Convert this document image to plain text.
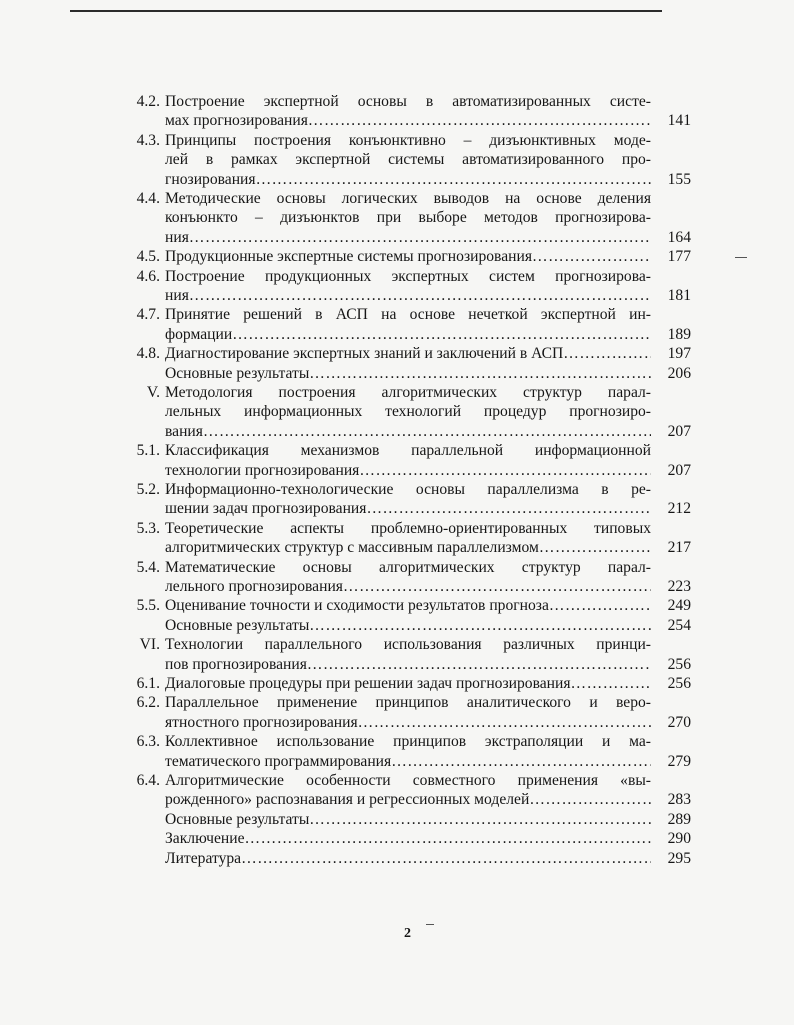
4.2. Построение экспертной основы в автоматизированных систе-
мах прогнозирования ……………………………………………………………………………………………………………………………………………………	141
4.3. Принципы построения конъюнктивно – дизъюнктивных моде-
лей в рамках экспертной системы автоматизированного про-
гнозирования ……………………………………………………………………………………………………………………………………………………	155
4.4. Методические основы логических выводов на основе деления
конъюнкто – дизъюнктов при выборе методов прогнозирова-
ния ……………………………………………………………………………………………………………………………………………………	164
4.5. Продукционные экспертные системы прогнозирования ……………………………………………………………………………………………………………………………………………………	177
4.6. Построение продукционных экспертных систем прогнозирова-
ния ……………………………………………………………………………………………………………………………………………………	181
4.7. Принятие решений в АСП на основе нечеткой экспертной ин-
формации ……………………………………………………………………………………………………………………………………………………	189
4.8. Диагностирование экспертных знаний и заключений в АСП ……………………………………………………………………………………………………………………………………………………	197
Основные результаты ……………………………………………………………………………………………………………………………………………………	206
V. Методология построения алгоритмических структур парал-
лельных информационных технологий процедур прогнозиро-
вания ……………………………………………………………………………………………………………………………………………………	207
5.1. Классификация механизмов параллельной информационной
технологии прогнозирования ……………………………………………………………………………………………………………………………………………………	207
5.2. Информационно-технологические основы параллелизма в ре-
шении задач прогнозирования ……………………………………………………………………………………………………………………………………………………	212
5.3. Теоретические аспекты проблемно-ориентированных типовых
алгоритмических структур с массивным параллелизмом ……………………………………………………………………………………………………………………………………………………	217
5.4. Математические основы алгоритмических структур парал-
лельного прогнозирования ……………………………………………………………………………………………………………………………………………………	223
5.5. Оценивание точности и сходимости результатов прогноза ……………………………………………………………………………………………………………………………………………………	249
Основные результаты ……………………………………………………………………………………………………………………………………………………	254
VI. Технологии параллельного использования различных принци-
пов прогнозирования ……………………………………………………………………………………………………………………………………………………	256
6.1. Диалоговые процедуры при решении задач прогнозирования ……………………………………………………………………………………………………………………………………………………	256
6.2. Параллельное применение принципов аналитического и веро-
ятностного прогнозирования ……………………………………………………………………………………………………………………………………………………	270
6.3. Коллективное использование принципов экстраполяции и ма-
тематического программирования ……………………………………………………………………………………………………………………………………………………	279
6.4. Алгоритмические особенности совместного применения «вы-
рожденного» распознавания и регрессионных моделей ……………………………………………………………………………………………………………………………………………………	283
Основные результаты ……………………………………………………………………………………………………………………………………………………	289
Заключение ……………………………………………………………………………………………………………………………………………………	290
Литература ……………………………………………………………………………………………………………………………………………………	295
2
